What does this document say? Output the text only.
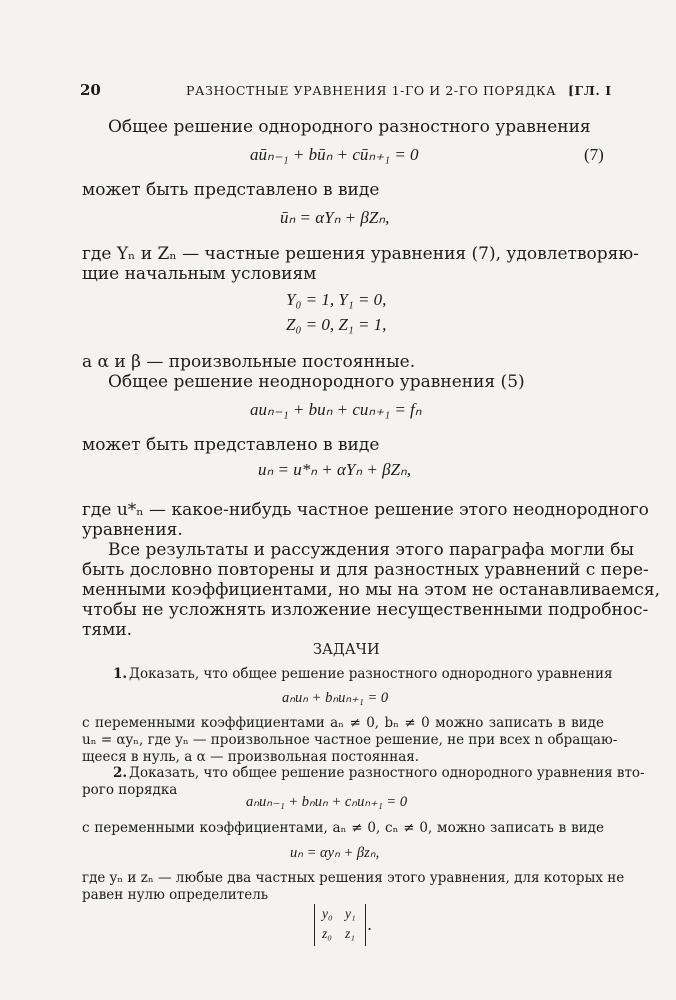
20	РАЗНОСТНЫЕ УРАВНЕНИЯ 1-ГО И 2-ГО ПОРЯДКА [ГЛ. I
Общее решение однородного разностного уравнения
aūₙ₋₁ + būₙ + cūₙ₊₁ = 0	(7)
может быть представлено в виде
ūₙ = αYₙ + βZₙ,
где Yₙ и Zₙ — частные решения уравнения (7), удовлетворяю-
щие начальным условиям
Y₀ = 1, Y₁ = 0,
Z₀ = 0, Z₁ = 1,
а α и β — произвольные постоянные.
Общее решение неоднородного уравнения (5)
auₙ₋₁ + buₙ + cuₙ₊₁ = fₙ
может быть представлено в виде
uₙ = u*ₙ + αYₙ + βZₙ,
где u*ₙ — какое-нибудь частное решение этого неоднородного
уравнения.
Все результаты и рассуждения этого параграфа могли бы
быть дословно повторены и для разностных уравнений с пере-
менными коэффициентами, но мы на этом не останавливаемся,
чтобы не усложнять изложение несущественными подробнос-
тями.
ЗАДАЧИ
1. Доказать, что общее решение разностного однородного уравнения
aₙuₙ + bₙuₙ₊₁ = 0
с переменными коэффициентами aₙ ≠ 0, bₙ ≠ 0 можно записать в виде
uₙ = αyₙ, где yₙ — произвольное частное решение, не при всех n обращаю-
щееся в нуль, а α — произвольная постоянная.
2. Доказать, что общее решение разностного однородного уравнения вто-
рого порядка
aₙuₙ₋₁ + bₙuₙ + cₙuₙ₊₁ = 0
с переменными коэффициентами, aₙ ≠ 0, cₙ ≠ 0, можно записать в виде
uₙ = αyₙ + βzₙ,
где yₙ и zₙ — любые два частных решения этого уравнения, для которых не
равен нулю определитель
y₀ y₁
z₀ z₁ .
